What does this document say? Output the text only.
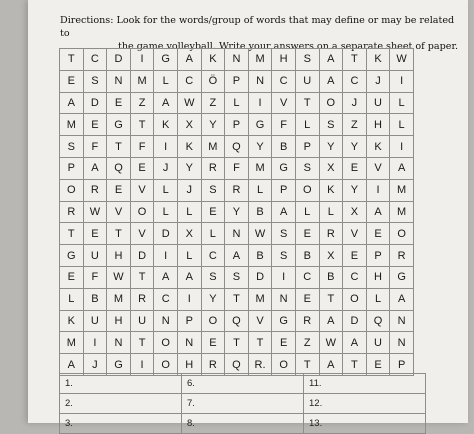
Directions: Look for the words/group of words that may define or may be related to
the game volleyball. Write your answers on a separate sheet of paper.
T	C	D	I	G	A	K	N	M	H	S	A	T	K	W
E	S	N	M	L	C	Ö	P	N	C	U	A	C	J	I
A	D	E	Z	A	W	Z	L	I	V	T	O	J	U	L
M	E	G	T	K	X	Y	P	G	F	L	S	Z	H	L
S	F	T	F	I	K	M	Q	Y	B	P	Y	Y	K	I
P	A	Q	E	J	Y	R	F	M	G	S	X	E	V	A
O	R	E	V	L	J	S	R	L	P	O	K	Y	I	M
R	W	V	O	L	L	E	Y	B	A	L	L	X	A	M
T	E	T	V	D	X	L	N	W	S	E	R	V	E	O
G	U	H	D	I	L	C	A	B	S	B	X	E	P	R
E	F	W	T	A	A	S	S	D	I	C	B	C	H	G
L	B	M	R	C	I	Y	T	M	N	E	T	O	L	A
K	U	H	U	N	P	O	Q	V	G	R	A	D	Q	N
M	I	N	T	O	N	E	T	T	E	Z	W	A	U	N
A	J	G	I	O	H	R	Q	R.	O	T	A	T	E	P
1.	6.	11.
2.	7.	12.
3.	8.	13.
